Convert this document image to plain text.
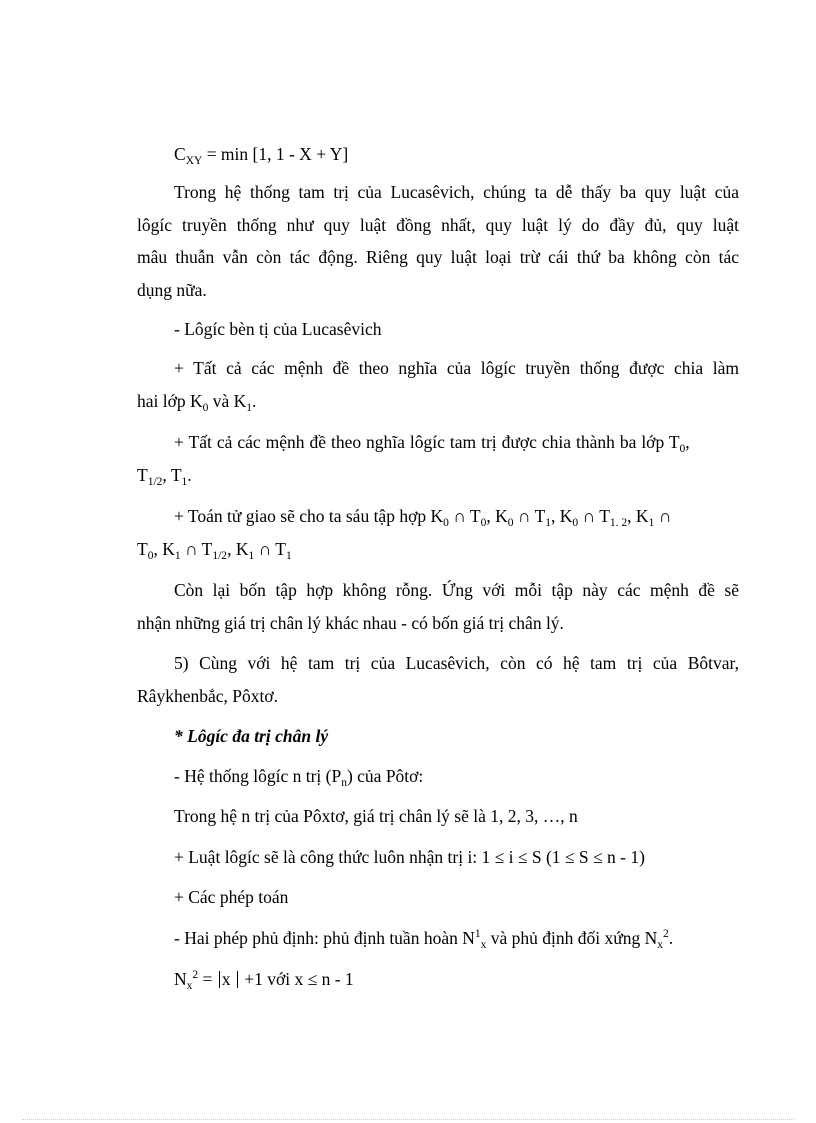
$C_{XY} = \min [1$, 1 - X + Y]
Trong hệ thống tam trị của Lucasêvich, chúng ta dễ thấy ba quy luật của
lôgíc truyền thống như quy luật đồng nhất, quy luật lý do đầy đủ, quy luật
mâu thuẫn vẫn còn tác động. Riêng quy luật loại trừ cái thứ ba không còn tác
dụng nữa.
- Lôgíc bèn tị của Lucasêvich
+ Tất cả các mệnh đề theo nghĩa của lôgíc truyền thống được chia làm
hai lớp $K_0$ và $K_1$.
+ Tất cả các mệnh đề theo nghĩa lôgíc tam trị được chia thành ba lớp $T_0$,
$T_{1/2}$, $T_1$.
+ Toán tử giao sẽ cho ta sáu tập hợp $K_0$ ∩ $T_0$, $K_0$ ∩ $T_1$, $K_0$ ∩ $T_{1. 2}$, $K_1$ ∩
$T_0$, $K_1$ ∩ $T_{1/2}$, $K_1$ ∩ $T_1$
Còn lại bốn tập hợp không rỗng. Ứng với mỗi tập này các mệnh đề sẽ
nhận những giá trị chân lý khác nhau - có bốn giá trị chân lý.
5) Cùng với hệ tam trị của Lucasêvich, còn có hệ tam trị của Bôtvar,
Râykhenbắc, Pôxtơ.
* Lôgíc đa trị chân lý
- Hệ thống lôgíc n trị $(P_n)$ của Pôtơ:
Trong hệ n trị của Pôxtơ, giá trị chân lý sẽ là 1, 2, 3, …, n
+ Luật lôgíc sẽ là công thức luôn nhận trị i: 1 ≤ i ≤ S (1 ≤ S ≤ n - 1)
+ Các phép toán
- Hai phép phủ định: phủ định tuần hoàn $N^1_x$ và phủ định đối xứng $N_x^2$.
$N_x^2 = x +1$ với x ≤ n - 1
